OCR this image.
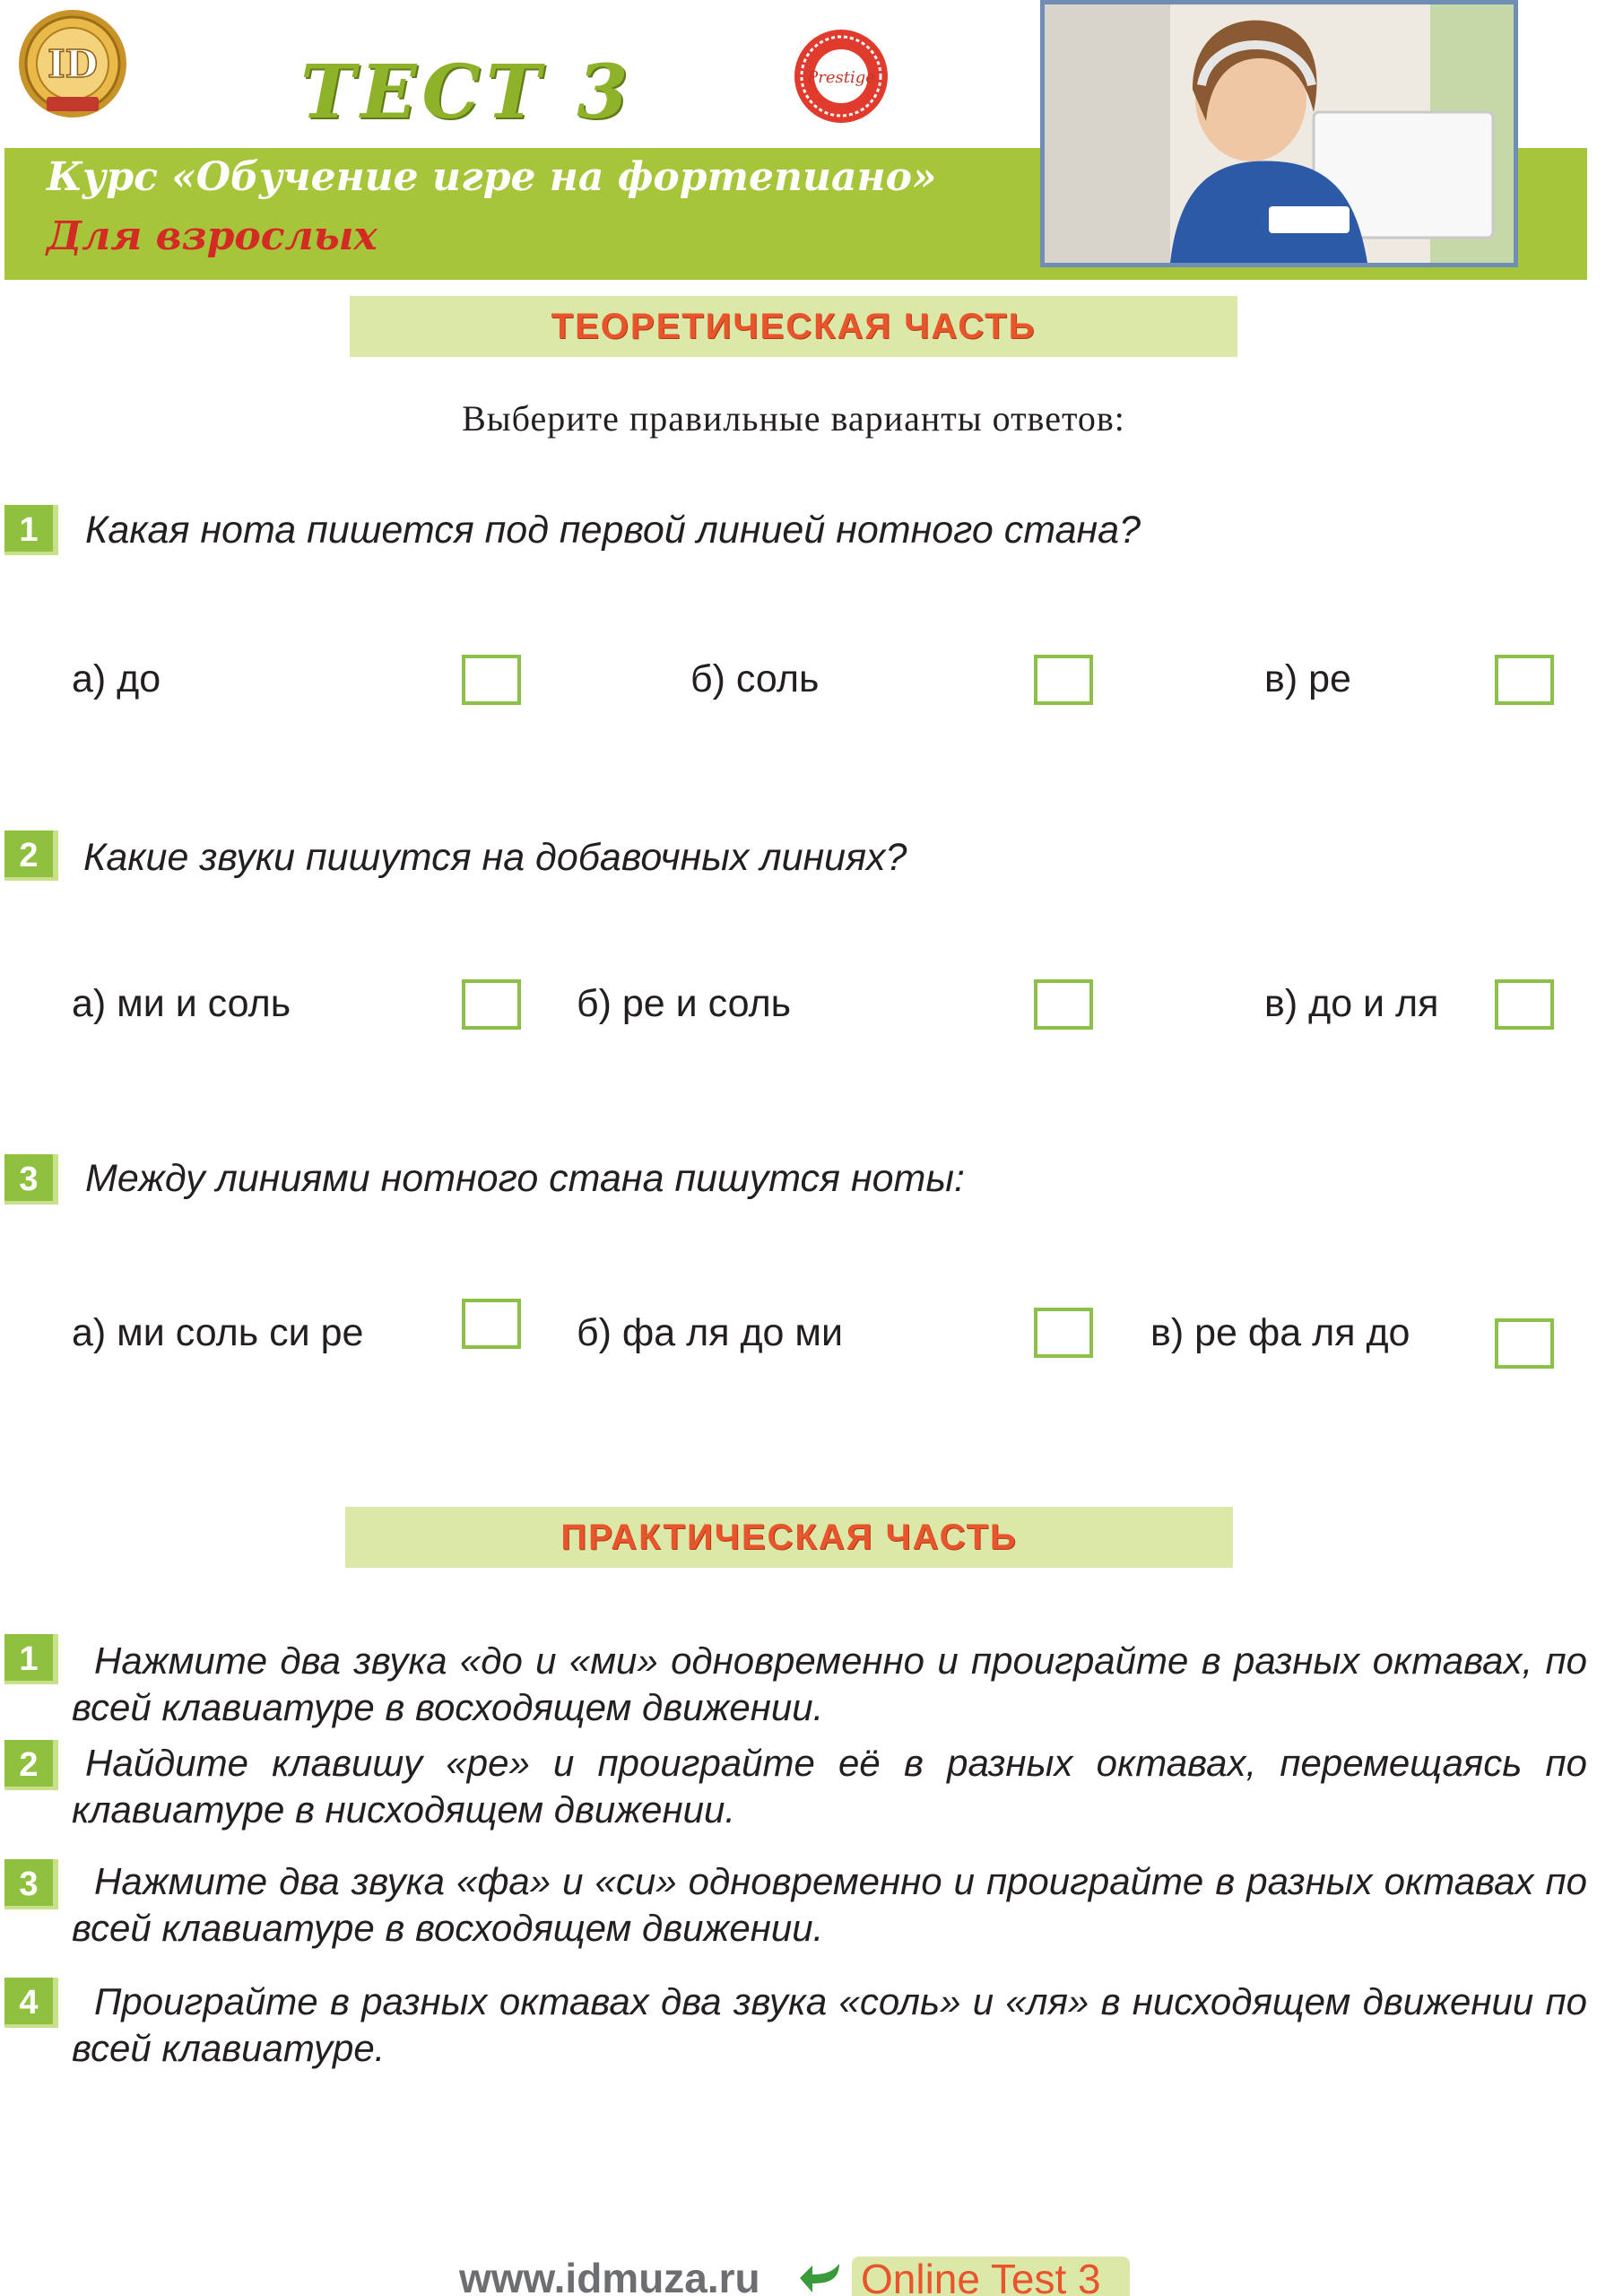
ID	ТЕСТ 3	Prestige
Курс «Обучение игре на фортепиано»
Для взрослых
ТЕОРЕТИЧЕСКАЯ ЧАСТЬ
Выберите правильные варианты ответов:
1	Какая нота пишется под первой линией нотного стана?
а) до	б) соль	в) ре
2	Какие звуки пишутся на добавочных линиях?
а) ми и соль	б) ре и соль	в) до и ля
3	Между линиями нотного стана пишутся ноты:
а) ми соль си ре	б) фа ля до ми	в) ре фа ля до
ПРАКТИЧЕСКАЯ ЧАСТЬ
1	Нажмите два звука «до и «ми» одновременно и проиграйте в разных октавах, по всей клавиатуре в восходящем движении.
2	Найдите клавишу «ре» и проиграйте её в разных октавах, перемещаясь по клавиатуре в нисходящем движении.
3	Нажмите два звука «фа» и «си» одновременно и проиграйте в разных октавах по всей клавиатуре в восходящем движении.
4	Проиграйте в разных октавах два звука «соль» и «ля» в нисходящем движении по всей клавиатуре.
www.idmuza.ru Online Test 3
